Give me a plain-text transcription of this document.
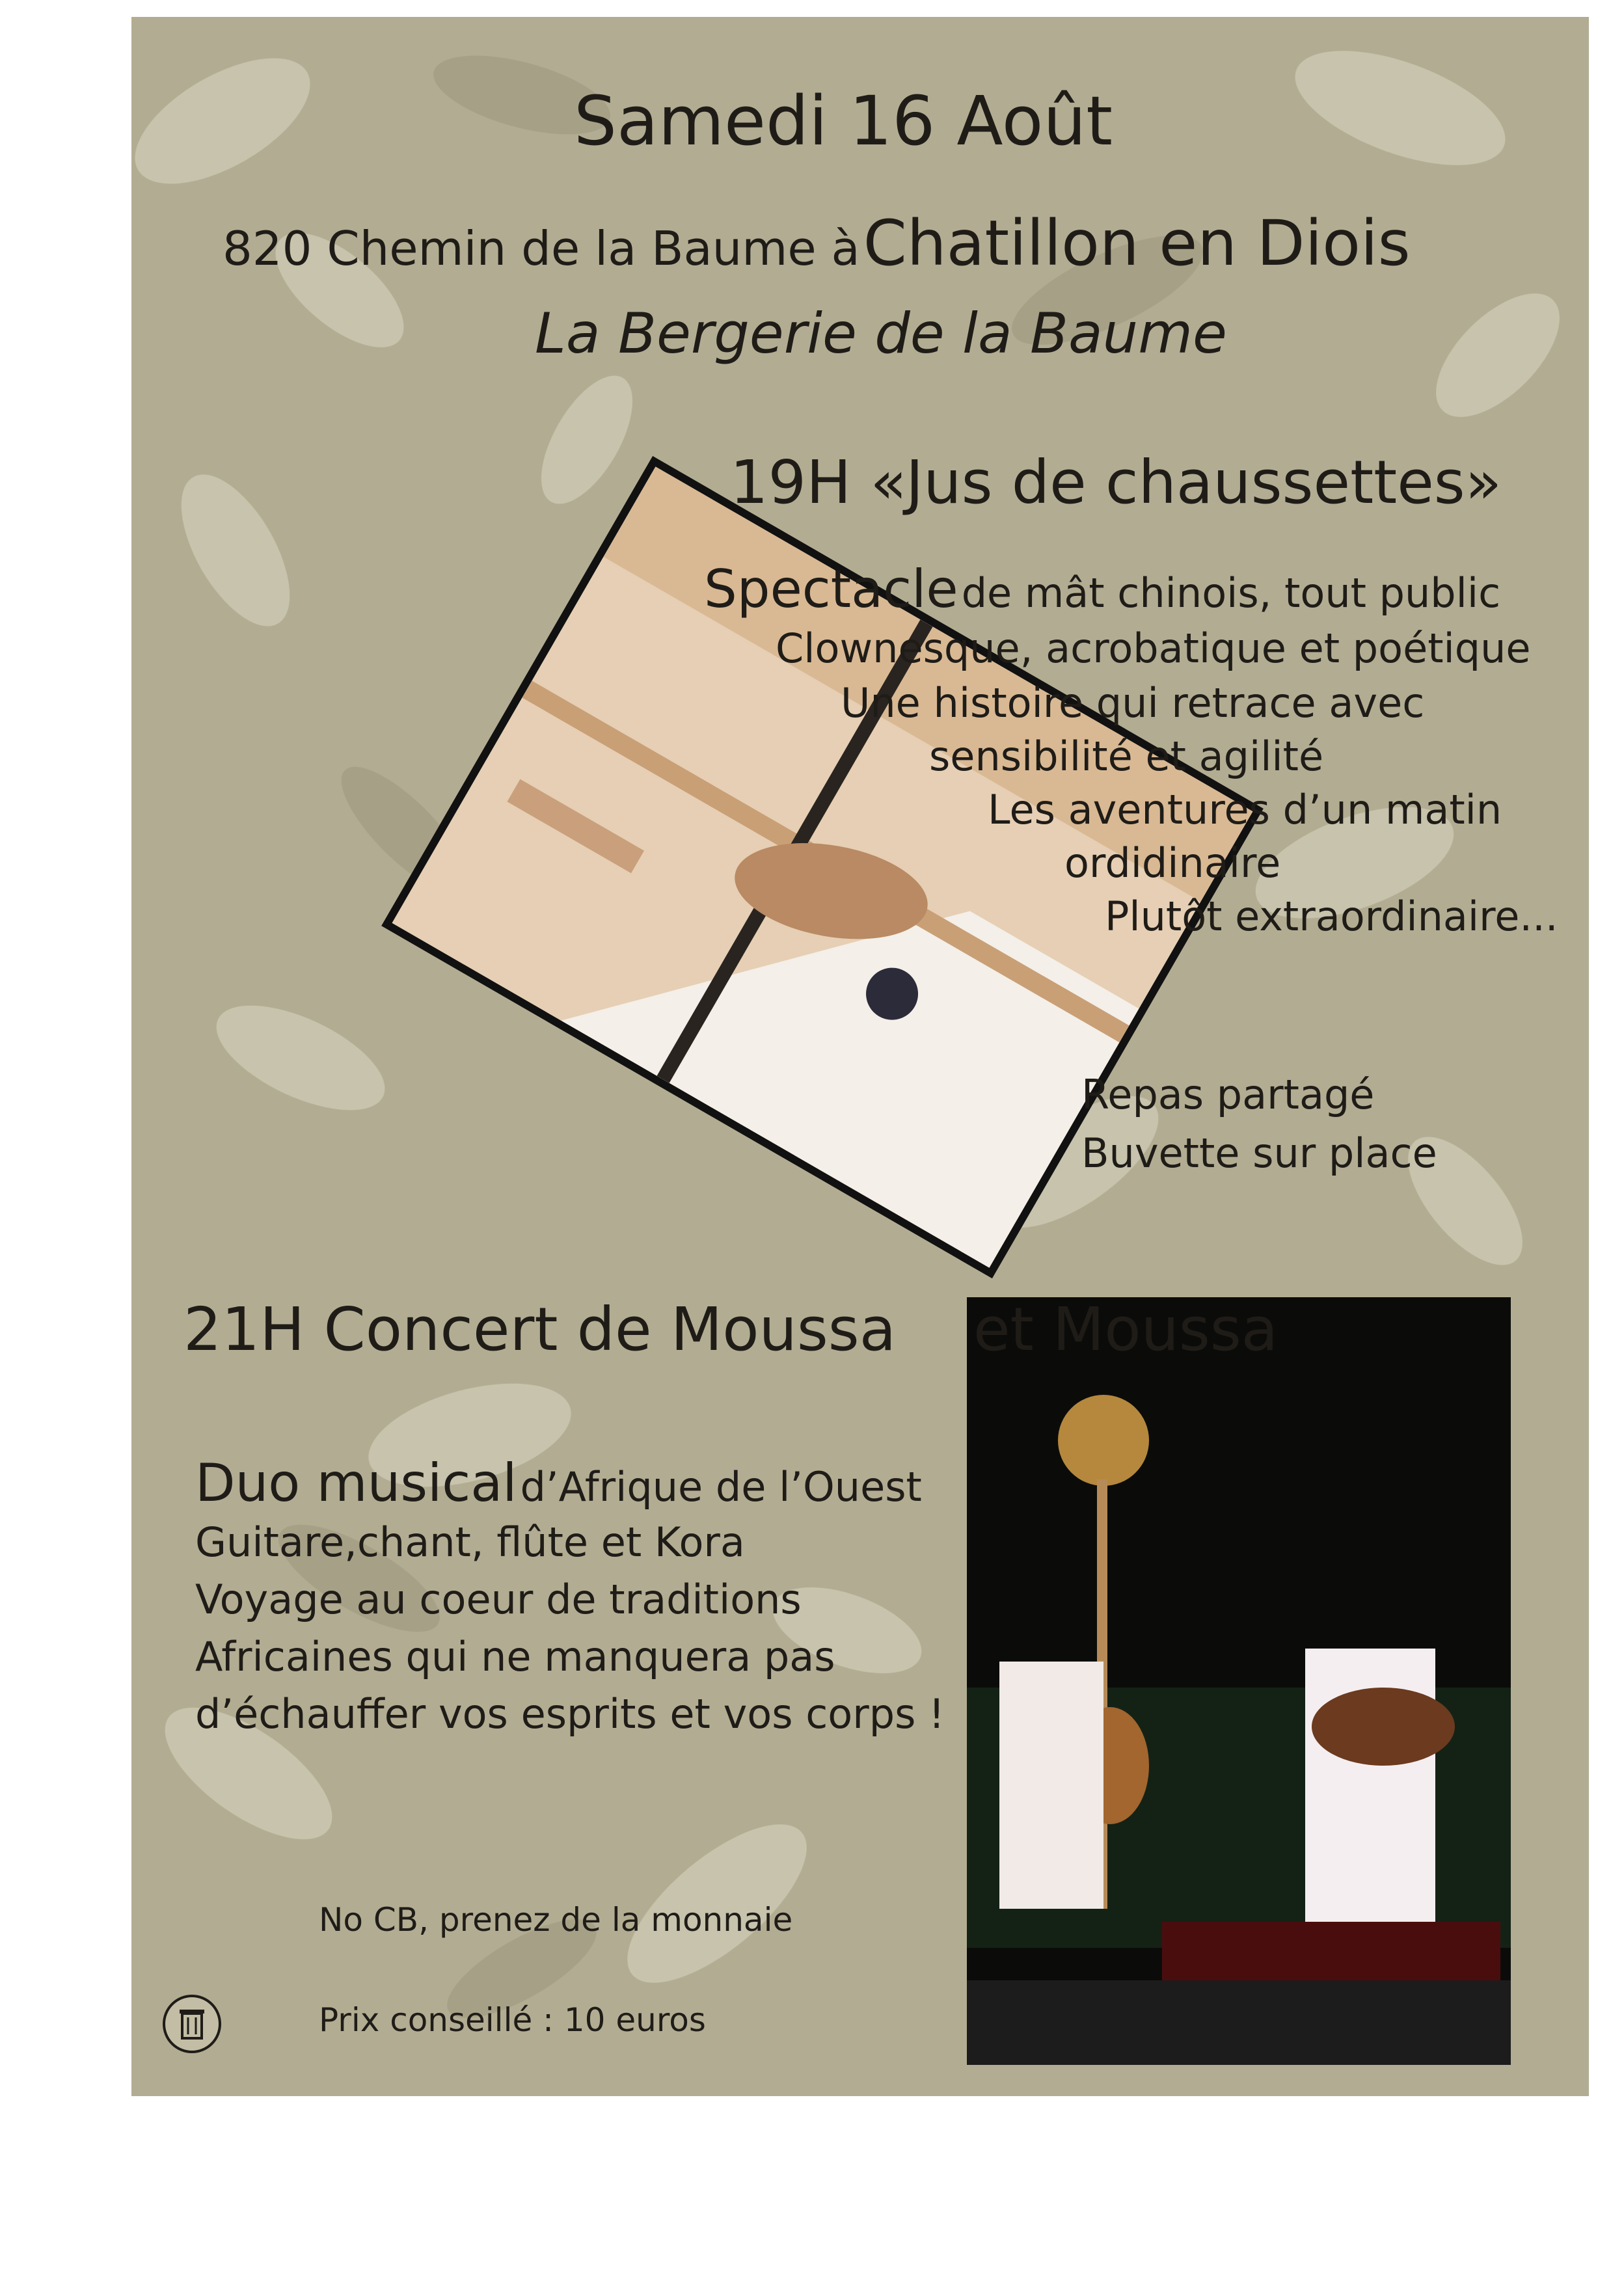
Samedi 16 Août
820 Chemin de la Baume à Chatillon en Diois
La Bergerie de la Baume
19H «Jus de chaussettes»
Spectacle de mât chinois, tout public
Clownesque, acrobatique et poétique
Une histoire qui retrace avec
sensibilité et agilité
Les aventures d’un matin
ordidinaire
Plutôt extraordinaire...
Repas partagé
Buvette sur place
21H Concert de Moussa et Moussa
Duo musical d’Afrique de l’Ouest
Guitare,chant, flûte et Kora
Voyage au coeur de traditions
Africaines qui ne manquera pas
d’échauffer vos esprits et vos corps !
No CB, prenez de la monnaie
Prix conseillé : 10 euros
